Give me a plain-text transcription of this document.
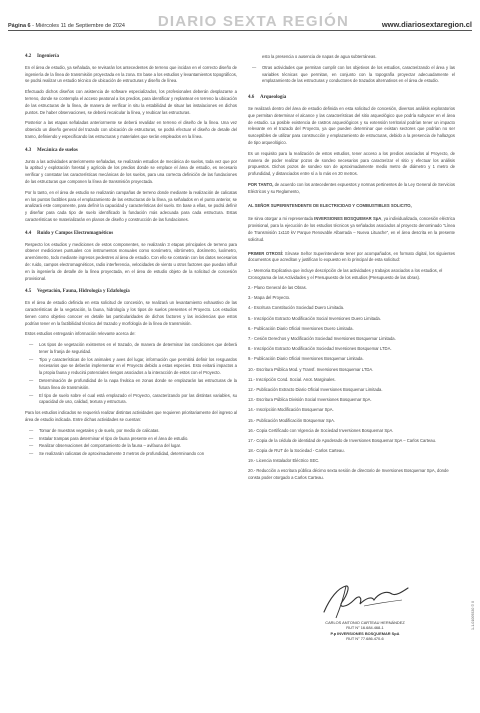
Página 6 - Miércoles 11 de Septiembre de 2024	DIARIO SEXTA REGIÓN	www.diariosextaregion.cl
4.2	Ingeniería

En el área de estudio, ya señalada, se revisarán los antecedentes de terreno que incidan en el correcto diseño de ingeniería de la línea de transmisión proyectada en la zona. En base a los estudios y levantamientos topográficos, se podrá realizar un estudio técnico de ubicación de estructuras y diseño de línea.

Efectuado dichos diseños con asistencia de software especializados, los profesionales deberán desplazarse a terreno, donde se contempla el acceso peatonal a los predios, para identificar y replantear en terreno la ubicación de las estructuras de la línea, de manera de verificar in situ la estabilidad de situar las instalaciones en dichos puntos. De haber observaciones, se deberá recalcular la línea, y reubicar las estructuras.

Posterior a las etapas señaladas anteriormente se deberá revalidar en terreno el diseño de la línea. Una vez obtenido un diseño general del trazado con ubicación de estructuras, se podrá efectuar el diseño de detalle del tramo, definiendo y especificando las estructuras y materiales que serán empleados en la línea.

4.3	Mecánica de suelos

Junto a las actividades anteriormente señaladas, se realizarán estudios de mecánica de suelos, toda vez que por la aptitud y explotación forestal y agrícola de los predios donde se emplace el área de estudio, es necesario verificar y constatar las características mecánicas de los suelos, para una correcta definición de las fundaciones de las estructuras que componen la línea de transmisión proyectada.

Por lo tanto, en el área de estudio se realizarán campañas de terreno donde mediante la realización de calicatas en los puntos factibles para el emplazamiento de las estructuras de la línea, ya señalados en el punto anterior, se analizará este componente, para definir la capacidad y características del suelo. En base a ellas, se podrá definir y diseñar para cada tipo de suelo identificado la fundación más adecuada para cada estructura. Estas características se materializarán en planos de diseño y construcción de las fundaciones.

4.4	Ruido y Campos Electromagnéticos

Respecto los estudios y mediciones de estos componentes, se realizarán 3 etapas principales de terreno para obtener mediciones puntuales con instrumentos monuales como sonómetro, vibrómetro, dosímetro, luxímetro, anemómetro, todo mediante ingresos pedestres al área de estudio. Con ello se contarán con los datos necesarios de: ruido, campos electromagnéticos, radio interferencia, velocidades de viento u otros factores que puedan influir en la ingeniería de detalle de la línea proyectada, en el área de estudio objeto de la solicitud de concesión provisional.

4.5	Vegetación, Fauna, Hidrología y Edafología

En el área de estudio definida en esta solicitud de concesión, se realizará un levantamiento exhaustivo de las características de la vegetación, la fauna, hidrología y los tipos de suelos presentes el Proyecto. Los estudios tienen como objetivo conocer en detalle las particularidades de dichos factores y las incidencias que estos podrían tener en la factibilidad técnica del trazado y morfología de la línea de transmisión.

Estos estudios entregarán información relevante acerca de:

— Los tipos de vegetación existentes en el trazado, de manera de determinar las condiciones que deberá tener la franja de seguridad.
— Tipo y características de los animales y aves del lugar, información que permitirá definir los resguardos necesarios que se deberán implementar en el Proyecto debido a estas especies. Esto evitará impactos a la propia fauna y reducirá potenciales riesgos asociados a la interacción de estos con el Proyecto.
— Determinación de profundidad de la napa freática en zonas donde se emplazarán las estructuras de la futura línea de transmisión.
— El tipo de suelo sobre el cual está emplazado el Proyecto, caracterizando por las distintas variables, su capacidad de uso, calidad, textura y estructura.

Para los estudios indicados se requerirá realizar distintas actividades que requieren prioritariamente del ingreso al área de estudio indicada. Entre dichas actividades se cuentan:

— Tomar de muestras vegetales y de suelo, por medio de calicatas.
— Instalar trampas para determinar el tipo de fauna presente en el área de estudio.
— Realizar observaciones del comportamiento de la fauna – avifauna del lugar.
— Se realizarán calicatas de aproximadamente 3 metros de profundidad, determinando con

esto la presencia o ausencia de napas de agua subterráneas.

— Otras actividades que permitan cumplir con los objetivos de los estudios, caracterizando el área y las variables técnicas que permitan, en conjunto con la topografía proyectar adecuadamente el emplazamiento de las estructuras y conductores de trazados alternativos en el área de estudio.
4.6	Arqueología

Se realizará dentro del área de estudio definida en esta solicitud de concesión, diversos análisis exploratorios que permitan determinar el alcance y las características del sitio arqueológico que podría subyacer en el área de estudio. La posible existencia de rastros arqueológicos y su extensión territorial podrían tener un impacto relevante en el trazado del Proyecto, ya que pueden determinar que existan sectores que podrían no ser susceptibles de utilizar para construcción y emplazamiento de estructuras, debido a la presencia de hallazgos de tipo arqueológico.

Es un requisito para la realización de estos estudios, tener acceso a los predios asociados al Proyecto, de manera de poder realizar pozos de sondeo necesarios para caracterizar el sitio y efectuar los análisis propuestos. Dichos pozos de sondeo son de aproximadamente medio metro de diámetro y 1 metro de profundidad, y distanciados entre sí a lo más en 20 metros.

POR TANTO, de acuerdo con los antecedentes expuestos y normas pertinentes de la Ley General de Servicios Eléctricos y su Reglamento,

AL SEÑOR SUPERINTENDENTE DE ELECTRICIDAD Y COMBUSTIBLES SOLICITO,

Se sirva otorgar a mi representada INVERSIONES BOSQUEMAR SpA, ya individualizada, concesión eléctrica provisional, para la ejecución de los estudios técnicos ya señalados asociados al proyecto denominado "Línea de Transmisión 1x110 kV Parque Renovable Albarrada – Nueva Lituache", en el área descrita en la presente solicitud.

PRIMER OTROSÍ: Sírvase Señor Superintendente tener por acompañados, en formato digital, los siguientes documentos que acreditan y justifican lo expuesto en lo principal de esta solicitud:

1.- Memoria Explicativa que incluye descripción de las actividades y trabajos asociados a los estudios, el Cronograma de las Actividades y el Presupuesto de los estudios (Presupuesto de las obras).
2.- Plano General de las Obras.
3.- Mapa del Proyecto.
4.- Escritura Constitución Sociedad Duero Limitada.
5.- Inscripción Extracto Modificación Social Inversiones Duero Limitada.
6.- Publicación Diario Oficial Inversiones Duero Limitada.
7.- Cesión Derechos y Modificación Sociedad Inversiones Bosquemar Limitada.
8.- Inscripción Extracto Modificación Sociedad Inversiones Bosquemar LTDA.
9.- Publicación Diario Oficial Inversiones Bosquemar Limitada.
10.- Escritura Pública Mod. y Transf. Inversiones Bosquemar LTDA.
11.- Inscripción Cond. Social. Anot. Marginales.
12.- Publicación Extracto Diario Oficial Inversiones Bosquemar Limitada.
13.- Escritura Pública División Social Inversiones Bosquemar SpA.
14.- Inscripción Modificación Bosquemar SpA.
15.- Publicación Modificación Bosquemar SpA.
16.- Copia Certificado con Vigencia de Sociedad Inversiones Bosquemar SpA.
17.- Copia de la cédula de identidad de Apoderado de Inversiones Bosquemar SpA – Carlos Carteau.
18.- Copia de RUT de la Sociedad - Carlos Carteau.
19.- Licencia Instalador Eléctrico SEC.
20.- Reducción a escritura pública décimo sexta sesión de directorio de Inversiones Bosquemar SpA, donde consta poder otorgado a Carlos Carteau.
CARLOS ANTONIO CARTEAU HERNÁNDEZ
RUT N° 16.684.468-1
P.p INVERSIONES BOSQUEMAR SpA
RUT N° 77.686.470-6
1-1-01009330 © 0
